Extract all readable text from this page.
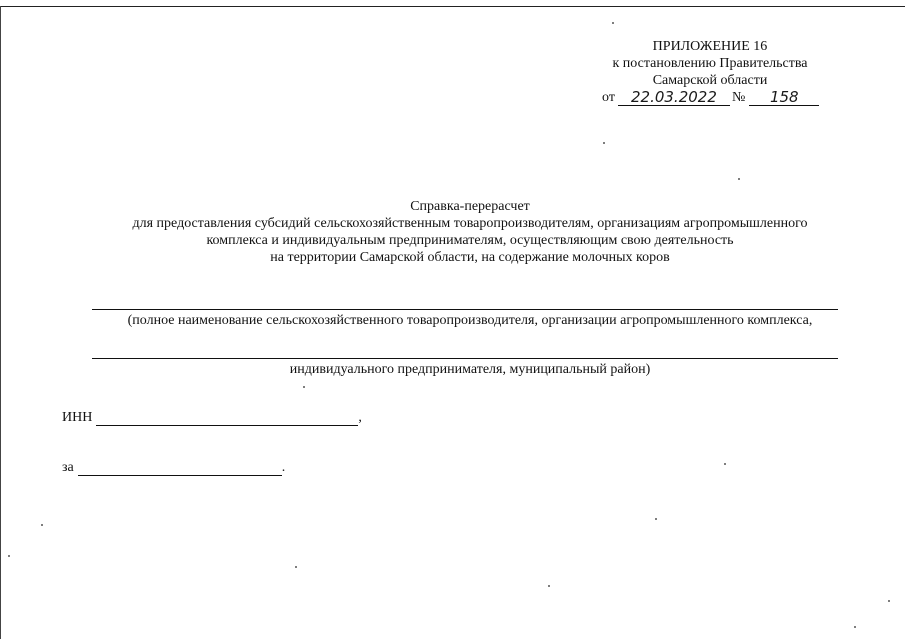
ПРИЛОЖЕНИЕ 16
к постановлению Правительства
Самарской области
от	22.03.2022	№	158
Справка-перерасчет
для предоставления субсидий сельскохозяйственным товаропроизводителям, организациям агропромышленного
комплекса и индивидуальным предпринимателям, осуществляющим свою деятельность
на территории Самарской области, на содержание молочных коров
(полное наименование сельскохозяйственного товаропроизводителя, организации агропромышленного комплекса,
индивидуального предпринимателя, муниципальный район)
ИНН	,
за	.
